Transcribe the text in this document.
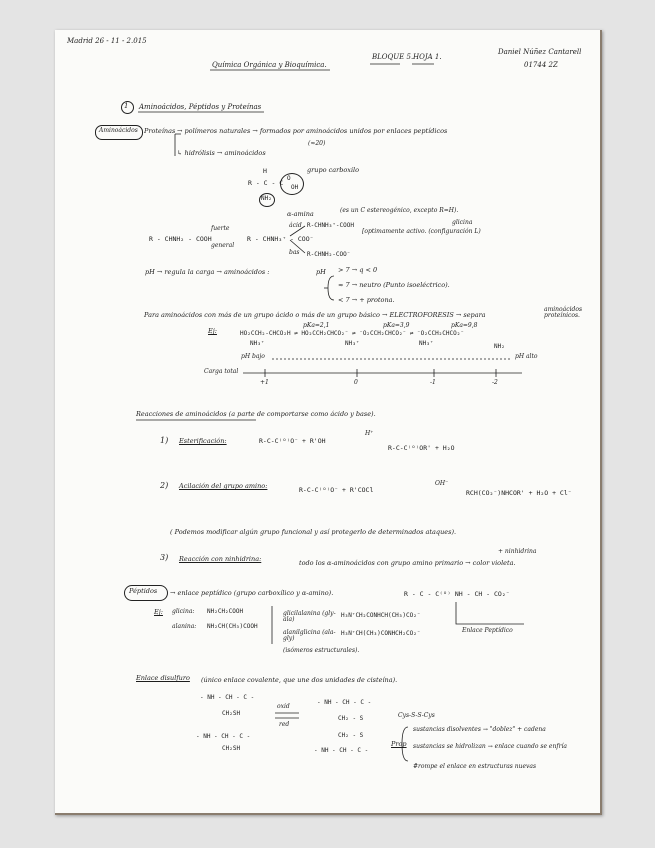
Madrid 26 - 11 - 2.015
BLOQUE 5. HOJA 1.
Daniel Núñez Cantarell
01744 2Z
Química Orgánica y Bioquímica.
1 Aminoácidos, Péptidos y Proteínas
Aminoácidos Proteínas → polímeros naturales → formados por aminoácidos unidos por enlaces peptídicos
(≈20)
↳ hidrólisis → aminoácidos
H
R - C - C
O
OH
grupo carboxilo
NH₂
α-amina	(es un C estereogénico, excepto R=H).
glicina
[optimamente activo. (configuración L)
R - CHNH₂ - COOH
fuerte
general
R - CHNH₃⁺ - COO⁻
ácid R-CHNH₃⁺-COOH
bas R-CHNH₂-COO⁻
pH → regula la carga → aminoácidos :	pH > 7 → q < 0
≈ 7 → neutro (Punto isoeléctrico).
< 7 → + protona.
Para aminoácidos con más de un grupo ácido o más de un grupo básico → ELECTROFORESIS → separa
aminoácidos proteínicos.
Ej:	HO₂CCH₂-CHCO₂H ⇌ HO₂CCH₂CHCO₂⁻ ⇌ ⁻O₂CCH₂CHCO₂⁻ ⇌ ⁻O₂CCH₂CHCO₂⁻
pKa=2,1	pKa=3,9	pKa=9,8
NH₃⁺	NH₃⁺	NH₃⁺	NH₂
pH bajo	pH alto
Carga total
+1	0	-1	-2
Reacciones de aminoácidos (a parte de comportarse como ácido y base).
1) Esterificación:	R-C-C⁽ᴼ⁾O⁻ + R'OH
H⁺
R-C-C⁽ᴼ⁾OR' + H₂O
2) Acilación del grupo amino:	R-C-C⁽ᴼ⁾O⁻ + R'COCl
OH⁻
RCH(CO₂⁻)NHCOR' + H₂O + Cl⁻
( Podemos modificar algún grupo funcional y así protegerlo de determinados ataques).
3) Reacción con ninhidrina:	todo los α-aminoácidos con grupo amino primario → color violeta.
+ ninhidrina
Péptidos → enlace peptídico (grupo carboxílico y α-amino).	R - C - C⁽ᴼ⁾ NH - CH - CO₂⁻
Enlace Peptídico
Ej: glicina: NH₂CH₂COOH
alanina: NH₂CH(CH₃)COOH
glicilalanina (gly-ala)
H₃N⁺CH₂CONHCH(CH₃)CO₂⁻
alanilglicina (ala-gly)
H₃N⁺CH(CH₃)CONHCH₂CO₂⁻
(isómeros estructurales).
Enlace disulfuro (único enlace covalente, que une dos unidades de cisteína).
- NH - CH - C -
CH₂SH
- NH - CH - C -
CH₂SH
oxid
red
- NH - CH - C -
CH₂ - S
CH₂ - S
- NH - CH - C -
Cys-S-S-Cys
Prop
sustancias disolventes → "doblez" + cadena
sustancias se hidrolizan → enlace cuando se enfría
#rompe el enlace en estructuras nuevas
